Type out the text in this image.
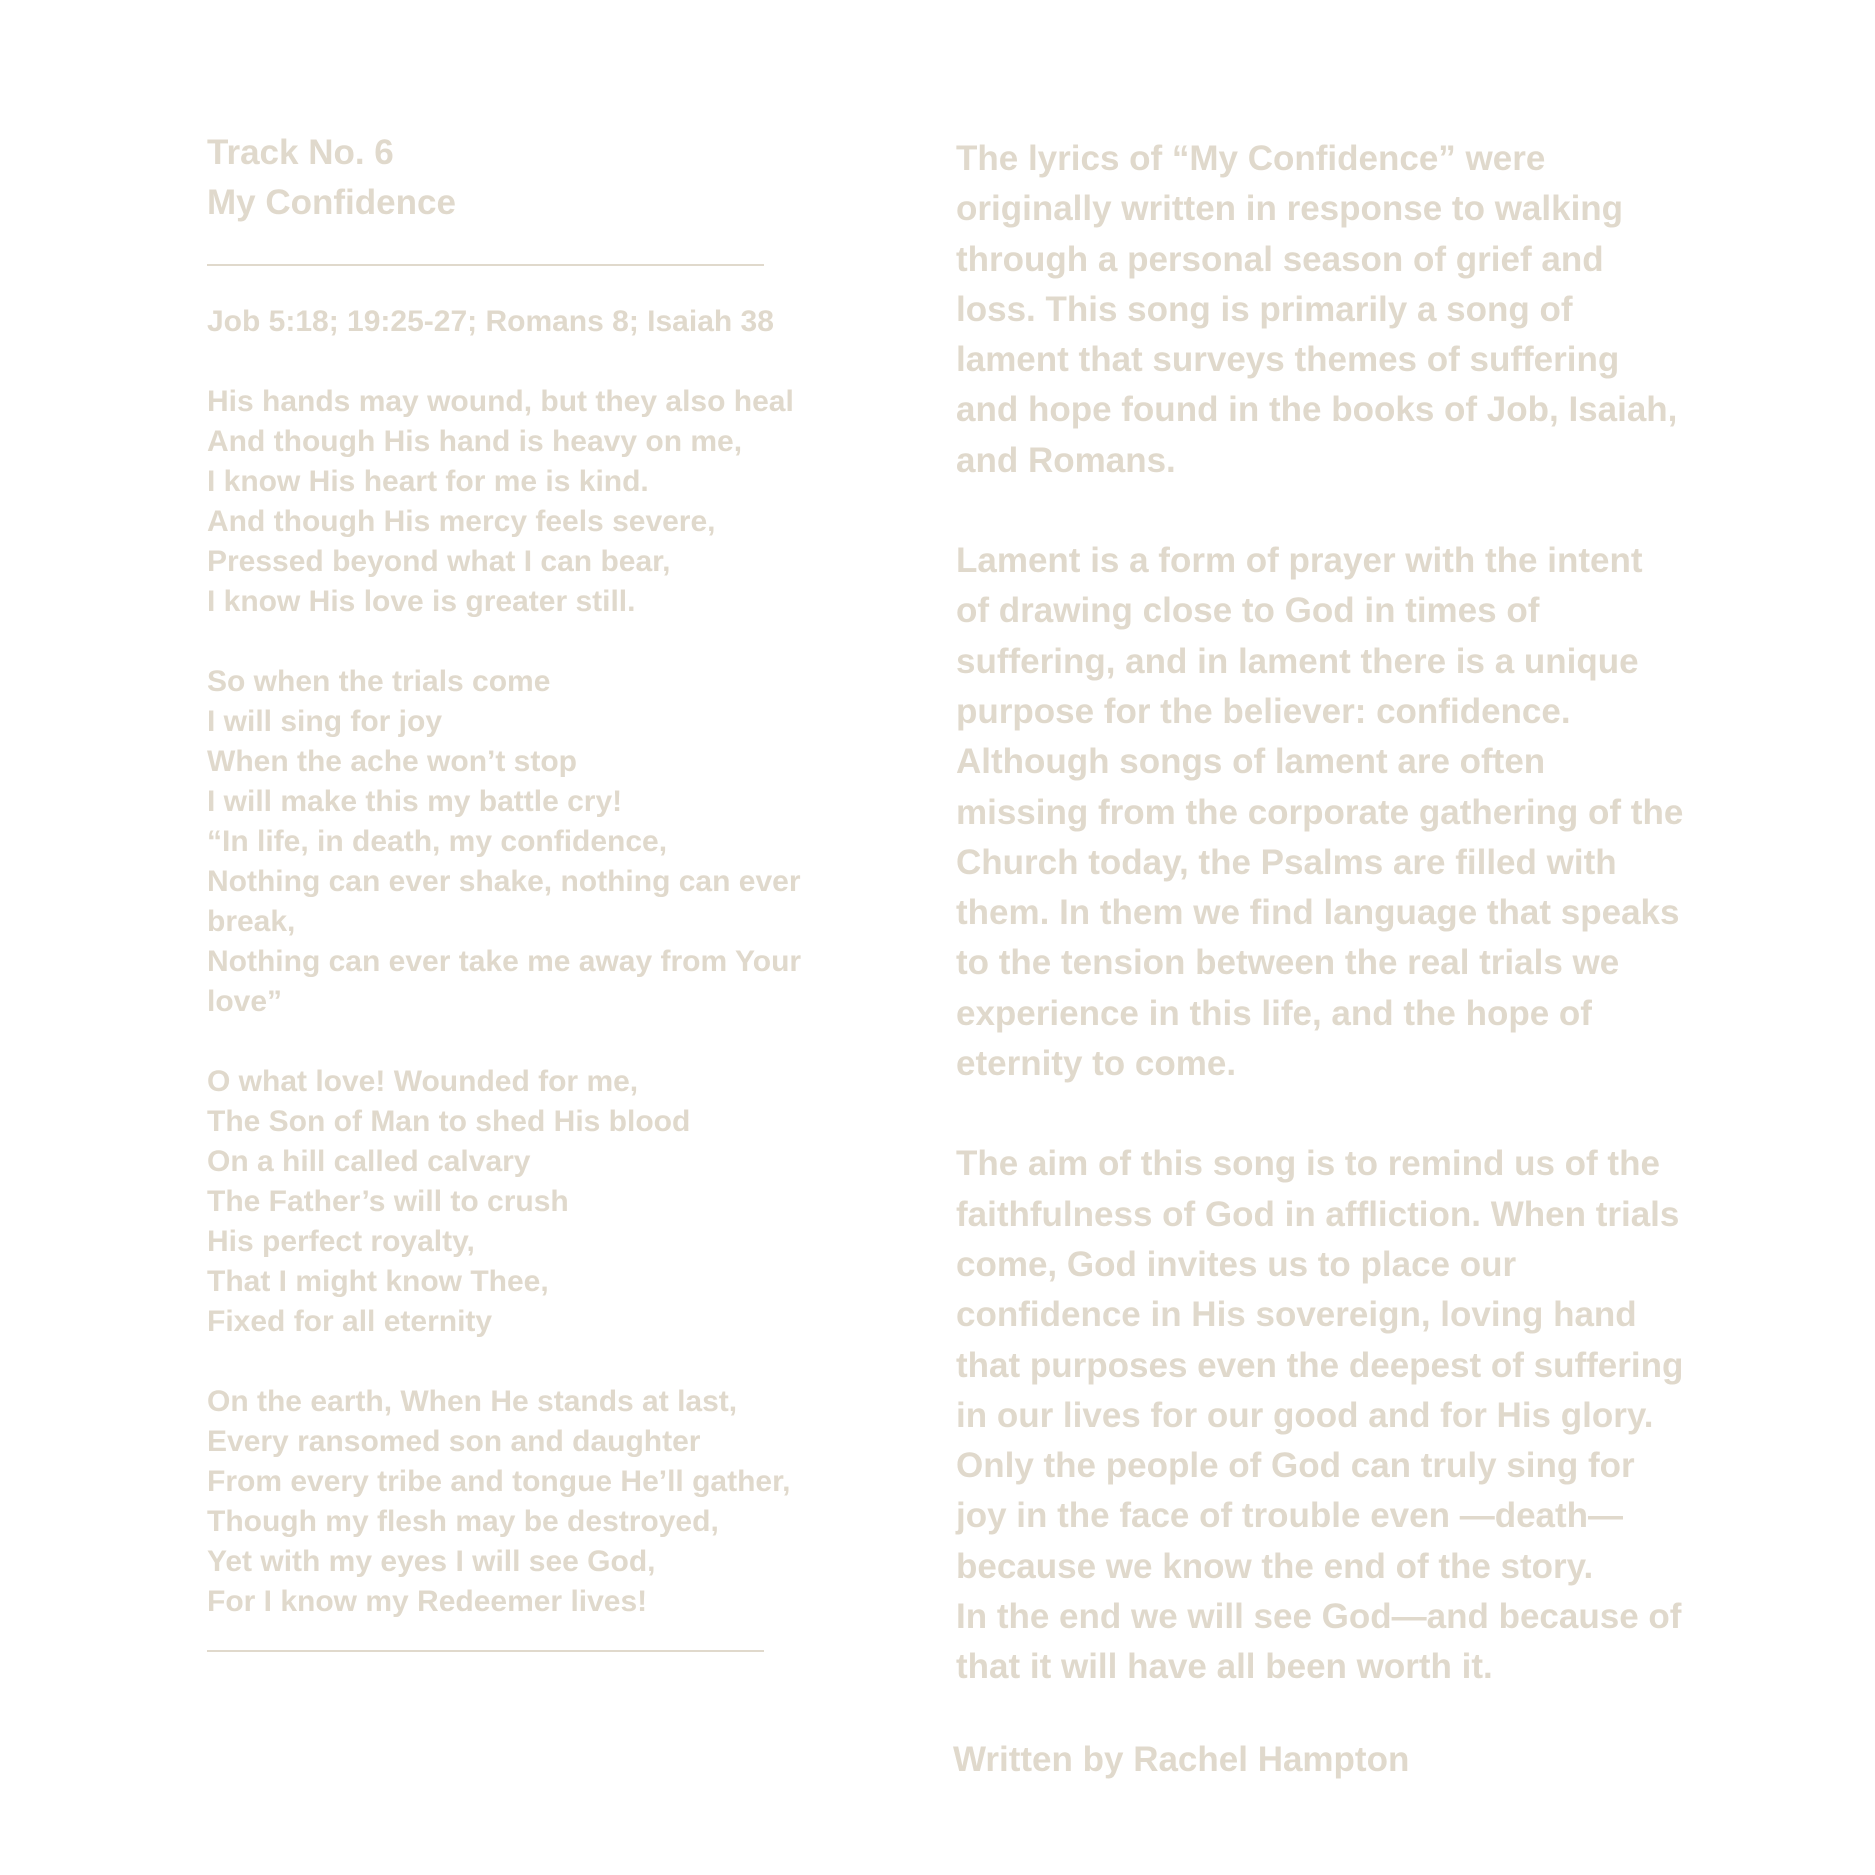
Track No. 6
My Confidence
Job 5:18; 19:25-27; Romans 8; Isaiah 38
His hands may wound, but they also heal
And though His hand is heavy on me,
I know His heart for me is kind.
And though His mercy feels severe,
Pressed beyond what I can bear,
I know His love is greater still.
So when the trials come
I will sing for joy
When the ache won’t stop
I will make this my battle cry!
“In life, in death, my confidence,
Nothing can ever shake, nothing can ever break,
Nothing can ever take me away from Your love”
O what love! Wounded for me,
The Son of Man to shed His blood
On a hill called calvary
The Father’s will to crush
His perfect royalty,
That I might know Thee,
Fixed for all eternity
On the earth, When He stands at last,
Every ransomed son and daughter
From every tribe and tongue He’ll gather,
Though my flesh may be destroyed,
Yet with my eyes I will see God,
For I know my Redeemer lives!

The lyrics of “My Confidence” were
originally written in response to walking
through a personal season of grief and
loss. This song is primarily a song of
lament that surveys themes of suffering
and hope found in the books of Job, Isaiah,
and Romans.

Lament is a form of prayer with the intent
of drawing close to God in times of
suffering, and in lament there is a unique
purpose for the believer: confidence.
Although songs of lament are often
missing from the corporate gathering of the
Church today, the Psalms are filled with
them. In them we find language that speaks
to the tension between the real trials we
experience in this life, and the hope of
eternity to come.

The aim of this song is to remind us of the
faithfulness of God in affliction. When trials
come, God invites us to place our
confidence in His sovereign, loving hand
that purposes even the deepest of suffering
in our lives for our good and for His glory.
Only the people of God can truly sing for
joy in the face of trouble even —death—
because we know the end of the story.
In the end we will see God—and because of
that it will have all been worth it.

Written by Rachel Hampton
